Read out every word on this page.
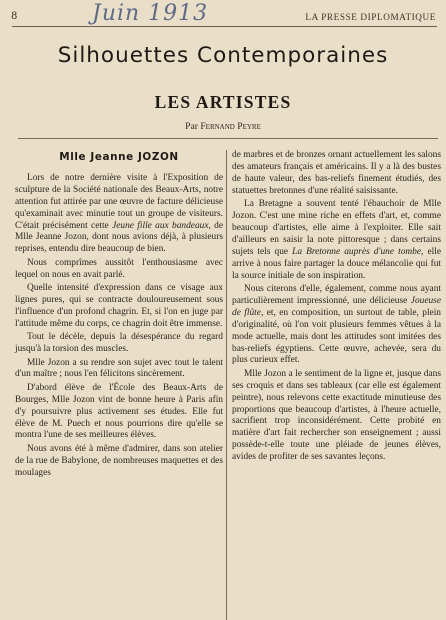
8	Juin 1913	LA PRESSE DIPLOMATIQUE
Silhouettes Contemporaines
LES ARTISTES
Par Fernand Peyre
Mlle Jeanne JOZON

Lors de notre dernière visite à l'Exposition de sculpture de la Société nationale des Beaux-Arts, notre attention fut attirée par une œuvre de facture délicieuse qu'examinait avec minutie tout un groupe de visiteurs. C'était précisément cette Jeune fille aux bandeaux, de Mlle Jeanne Jozon, dont nous avions déjà, à plusieurs reprises, entendu dire beaucoup de bien.

Nous comprîmes aussitôt l'enthousiasme avec lequel on nous en avait parlé.

Quelle intensité d'expression dans ce visage aux lignes pures, qui se contracte douloureusement sous l'influence d'un profond chagrin. Et, si l'on en juge par l'attitude même du corps, ce chagrin doit être immense.

Tout le décèle, depuis la désespérance du regard jusqu'à la torsion des muscles.

Mlle Jozon a su rendre son sujet avec tout le talent d'un maître ; nous l'en félicitons sincèrement.

D'abord élève de l'École des Beaux-Arts de Bourges, Mlle Jozon vint de bonne heure à Paris afin d'y poursuivre plus activement ses études. Elle fut élève de M. Puech et nous pourrions dire qu'elle se montra l'une de ses meilleures élèves.

Nous avons été à même d'admirer, dans son atelier de la rue de Babylone, de nombreuses maquettes et des moulages

de marbres et de bronzes ornant actuellement les salons des amateurs français et américains. Il y a là des bustes de haute valeur, des bas-reliefs finement étudiés, des statuettes bretonnes d'une réalité saisissante.

La Bretagne a souvent tenté l'ébauchoir de Mlle Jozon. C'est une mine riche en effets d'art, et, comme beaucoup d'artistes, elle aime à l'exploiter. Elle sait d'ailleurs en saisir la note pittoresque ; dans certains sujets tels que La Bretonne auprès d'une tombe, elle arrive à nous faire partager la douce mélancolie qui fut la source initiale de son inspiration.

Nous citerons d'elle, également, comme nous ayant particulièrement impressionné, une délicieuse Joueuse de flûte, et, en composition, un surtout de table, plein d'originalité, où l'on voit plusieurs femmes vêtues à la mode actuelle, mais dont les attitudes sont imitées des bas-reliefs égyptiens. Cette œuvre, achevée, sera du plus curieux effet.

Mlle Jozon a le sentiment de la ligne et, jusque dans ses croquis et dans ses tableaux (car elle est également peintre), nous relevons cette exactitude minutieuse des proportions que beaucoup d'artistes, à l'heure actuelle, sacrifient trop inconsidérément. Cette probité en matière d'art fait rechercher son enseignement ; aussi possède-t-elle toute une pléiade de jeunes élèves, avides de profiter de ses savantes leçons.
